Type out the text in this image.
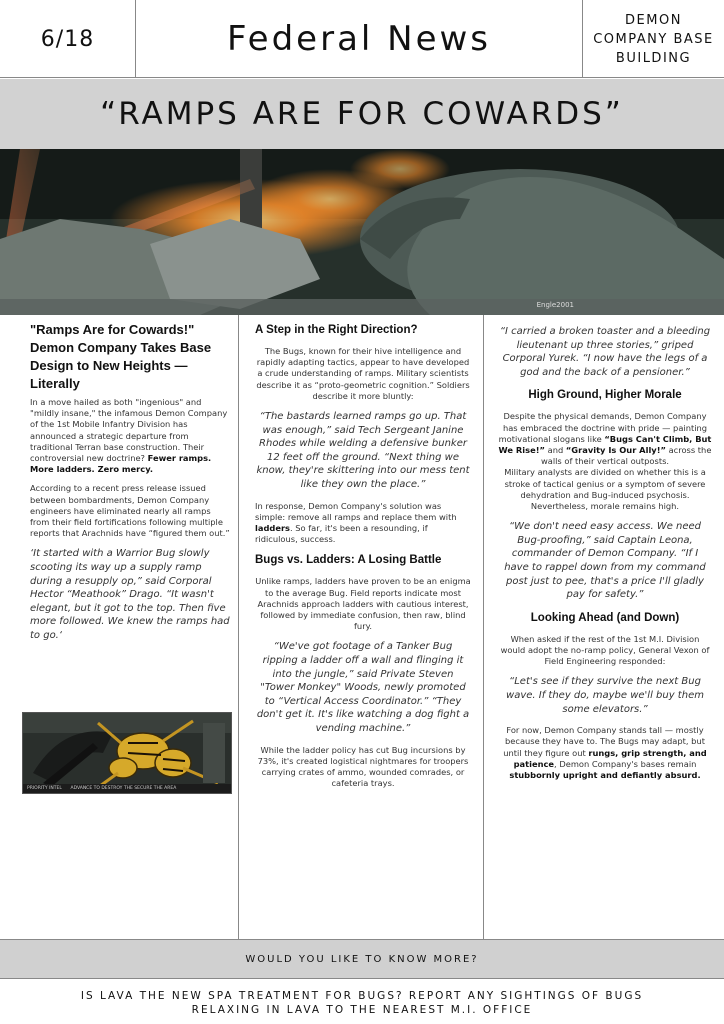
6/18	Federal News	DEMON
COMPANY BASE
BUILDING
“RAMPS ARE FOR COWARDS”
Engle2001
"Ramps Are for Cowards!" Demon Company Takes Base Design to New Heights — Literally

In a move hailed as both "ingenious" and "mildly insane," the infamous Demon Company of the 1st Mobile Infantry Division has announced a strategic departure from traditional Terran base construction. Their controversial new doctrine? Fewer ramps. More ladders. Zero mercy.

According to a recent press release issued between bombardments, Demon Company engineers have eliminated nearly all ramps from their field fortifications following multiple reports that Arachnids have “figured them out.”

‘It started with a Warrior Bug slowly scooting its way up a supply ramp during a resupply op,” said Corporal Hector “Meathook” Drago. “It wasn't elegant, but it got to the top. Then five more followed. We knew the ramps had to go.‘
PRIORITY INTEL ADVANCE TO DESTROY THE SECURE THE AREA
A Step in the Right Direction?

The Bugs, known for their hive intelligence and rapidly adapting tactics, appear to have developed a crude understanding of ramps. Military scientists describe it as “proto-geometric cognition.” Soldiers describe it more bluntly:

“The bastards learned ramps go up. That was enough,” said Tech Sergeant Janine Rhodes while welding a defensive bunker 12 feet off the ground. “Next thing we know, they're skittering into our mess tent like they own the place.”

In response, Demon Company's solution was simple: remove all ramps and replace them with ladders. So far, it's been a resounding, if ridiculous, success.

Bugs vs. Ladders: A Losing Battle

Unlike ramps, ladders have proven to be an enigma to the average Bug. Field reports indicate most Arachnids approach ladders with cautious interest, followed by immediate confusion, then raw, blind fury.

“We've got footage of a Tanker Bug ripping a ladder off a wall and flinging it into the jungle,” said Private Steven "Tower Monkey" Woods, newly promoted to “Vertical Access Coordinator.” “They don't get it. It's like watching a dog fight a vending machine.”

While the ladder policy has cut Bug incursions by 73%, it's created logistical nightmares for troopers carrying crates of ammo, wounded comrades, or cafeteria trays.

“I carried a broken toaster and a bleeding lieutenant up three stories,” griped Corporal Yurek. “I now have the legs of a god and the back of a pensioner.”
High Ground, Higher Morale

Despite the physical demands, Demon Company has embraced the doctrine with pride — painting motivational slogans like “Bugs Can't Climb, But We Rise!” and “Gravity Is Our Ally!” across the walls of their vertical outposts.
Military analysts are divided on whether this is a stroke of tactical genius or a symptom of severe dehydration and Bug-induced psychosis. Nevertheless, morale remains high.

“We don't need easy access. We need Bug-proofing,” said Captain Leona, commander of Demon Company. “If I have to rappel down from my command post just to pee, that's a price I'll gladly pay for safety.”
Looking Ahead (and Down)

When asked if the rest of the 1st M.I. Division would adopt the no-ramp policy, General Vexon of Field Engineering responded:

“Let's see if they survive the next Bug wave. If they do, maybe we'll buy them some elevators.”

For now, Demon Company stands tall — mostly because they have to. The Bugs may adapt, but until they figure out rungs, grip strength, and patience, Demon Company's bases remain stubbornly upright and defiantly absurd.

WOULD YOU LIKE TO KNOW MORE?
IS LAVA THE NEW SPA TREATMENT FOR BUGS? REPORT ANY SIGHTINGS OF BUGS
RELAXING IN LAVA TO THE NEAREST M.I. OFFICE
